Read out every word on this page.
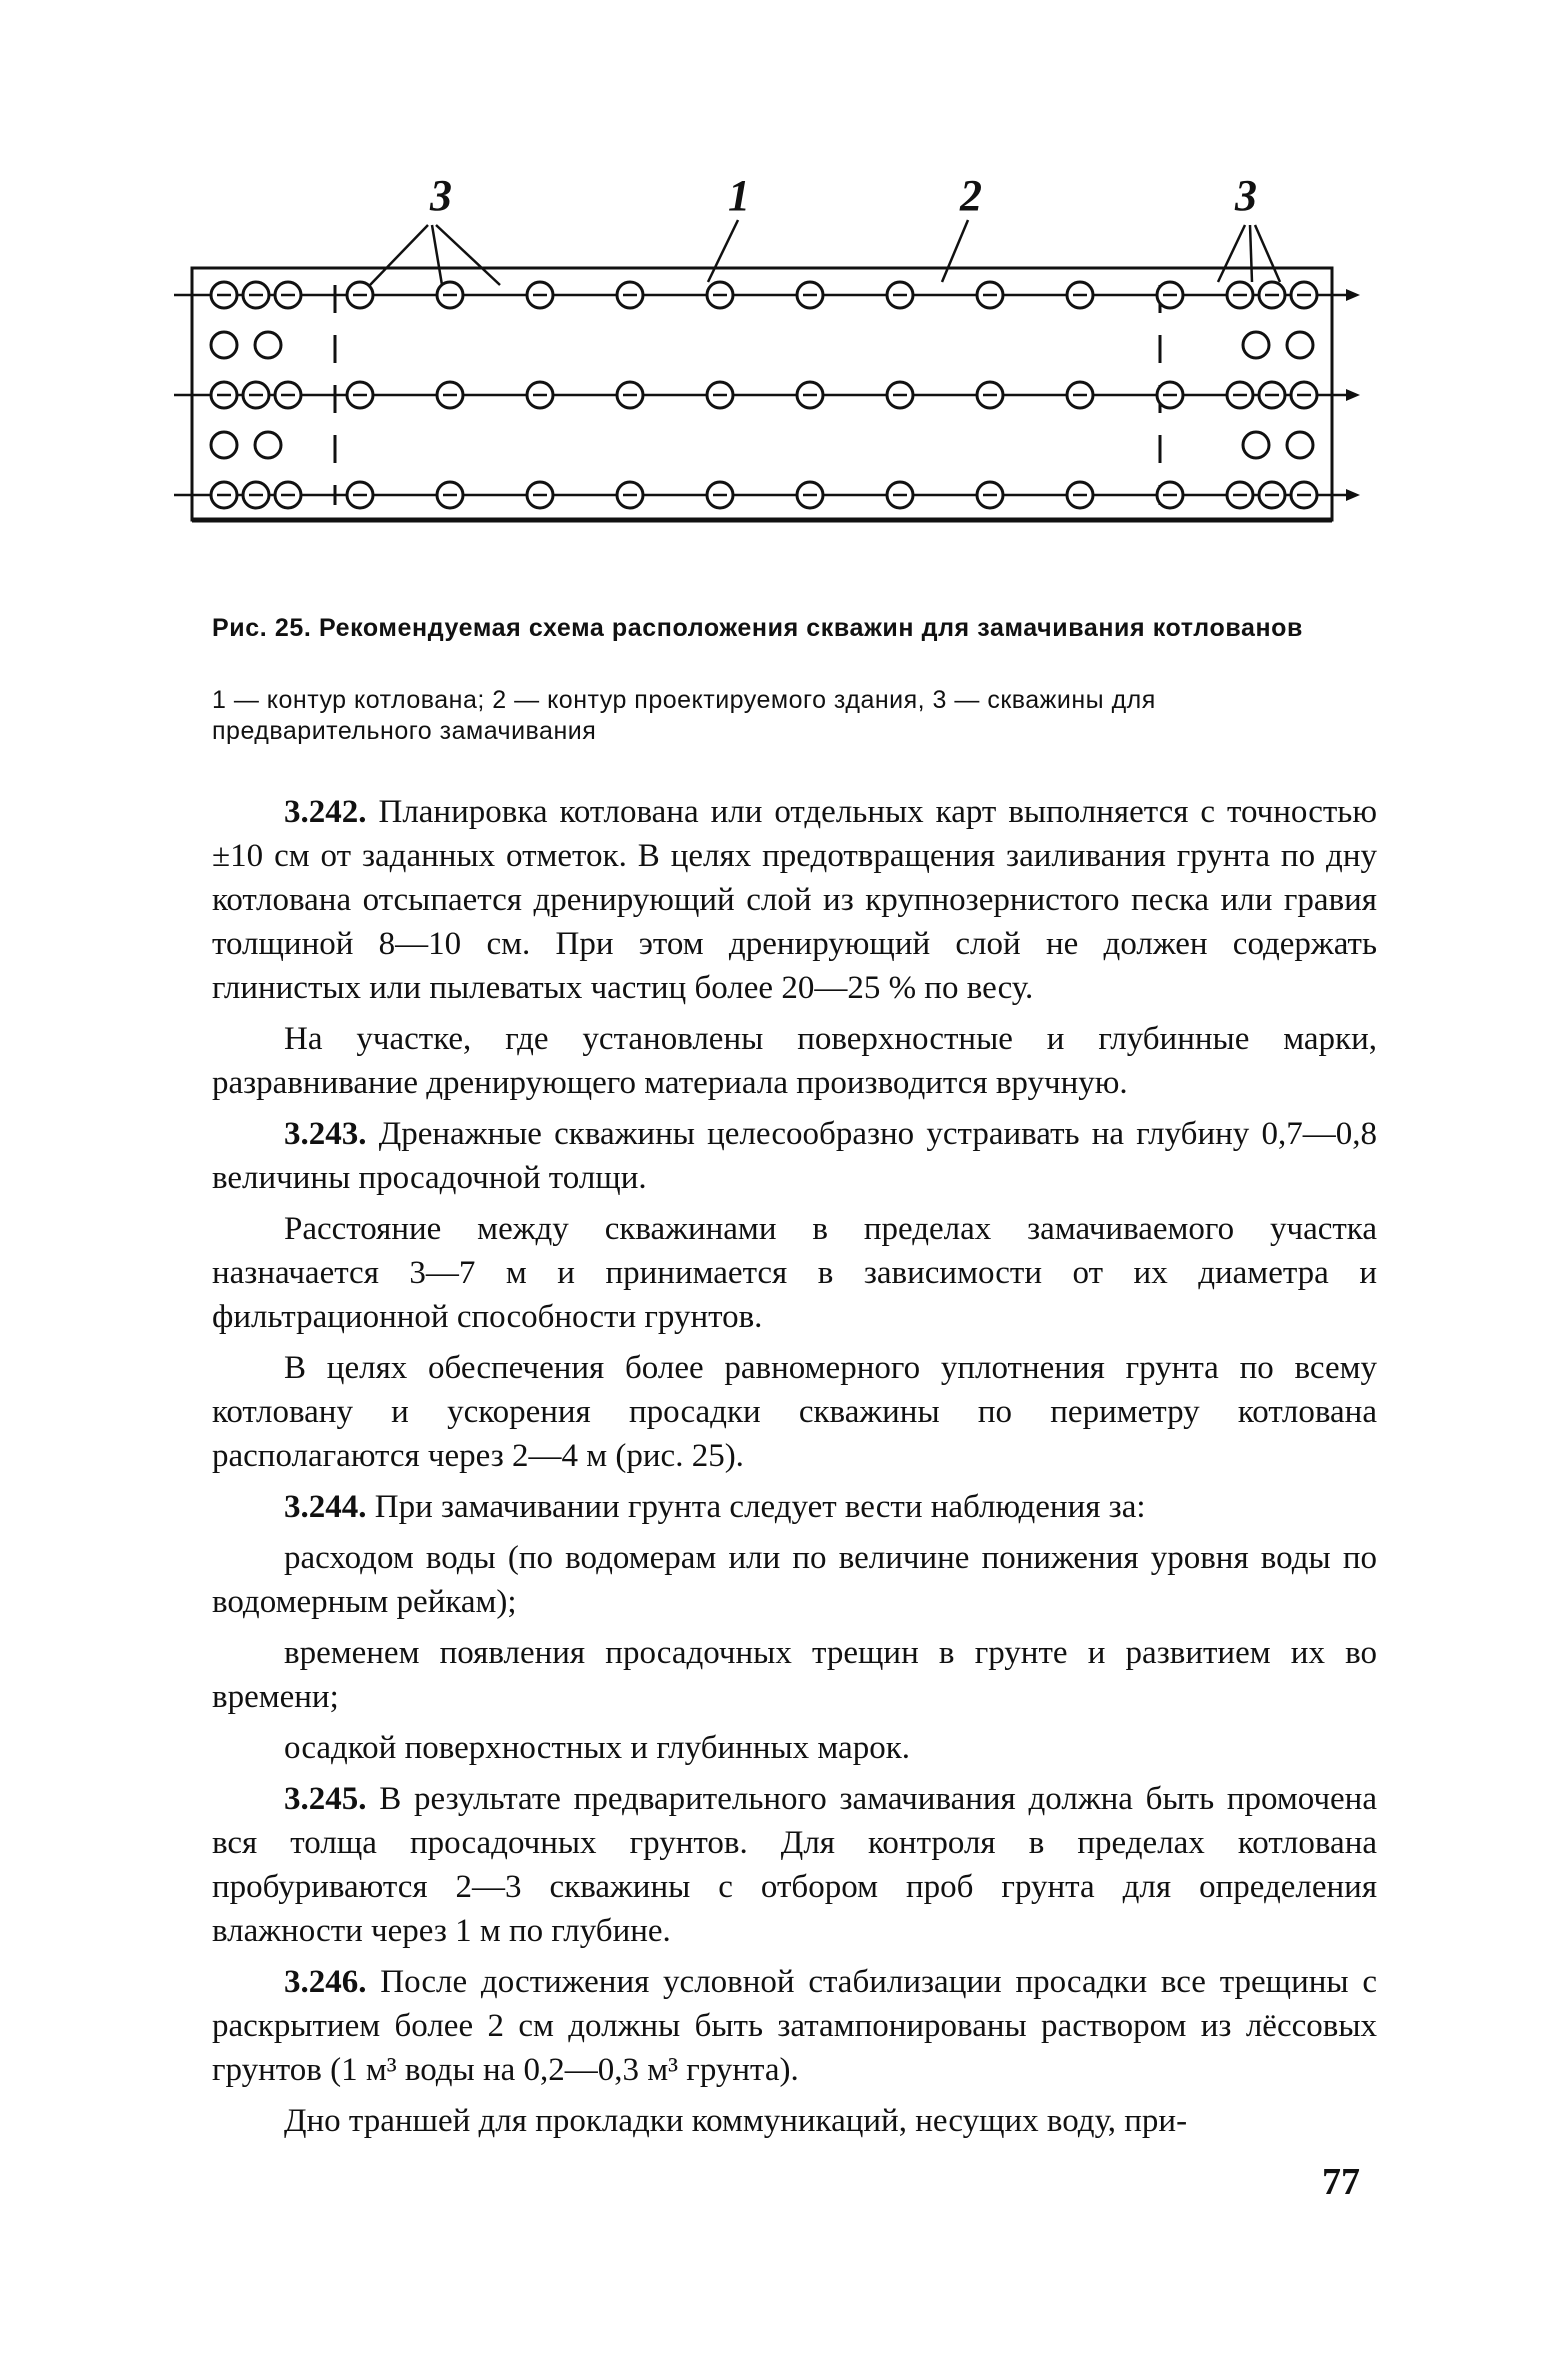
3	1	2	3
Рис. 25. Рекомендуемая схема расположения скважин для замачивания котлованов
1 — контур котлована; 2 — контур проектируемого здания, 3 — скважины для предварительного замачивания

3.242. Планировка котлована или отдельных карт выполняется с точностью ±10 см от заданных отметок. В целях предотвращения заиливания грунта по дну котлована отсыпается дренирующий слой из крупнозернистого песка или гравия толщиной 8—10 см. При этом дренирующий слой не должен содержать глинистых или пылеватых частиц более 20—25 % по весу.

На участке, где установлены поверхностные и глубинные марки, разравнивание дренирующего материала производится вручную.

3.243. Дренажные скважины целесообразно устраивать на глубину 0,7—0,8 величины просадочной толщи.

Расстояние между скважинами в пределах замачиваемого участка назначается 3—7 м и принимается в зависимости от их диаметра и фильтрационной способности грунтов.

В целях обеспечения более равномерного уплотнения грунта по всему котловану и ускорения просадки скважины по периметру котлована располагаются через 2—4 м (рис. 25).

3.244. При замачивании грунта следует вести наблюдения за:

расходом воды (по водомерам или по величине понижения уровня воды по водомерным рейкам);

временем появления просадочных трещин в грунте и развитием их во времени;

осадкой поверхностных и глубинных марок.

3.245. В результате предварительного замачивания должна быть промочена вся толща просадочных грунтов. Для контроля в пределах котлована пробуриваются 2—3 скважины с отбором проб грунта для определения влажности через 1 м по глубине.

3.246. После достижения условной стабилизации просадки все трещины с раскрытием более 2 см должны быть затампонированы раствором из лёссовых грунтов (1 м³ воды на 0,2—0,3 м³ грунта).

Дно траншей для прокладки коммуникаций, несущих воду, при-

77
